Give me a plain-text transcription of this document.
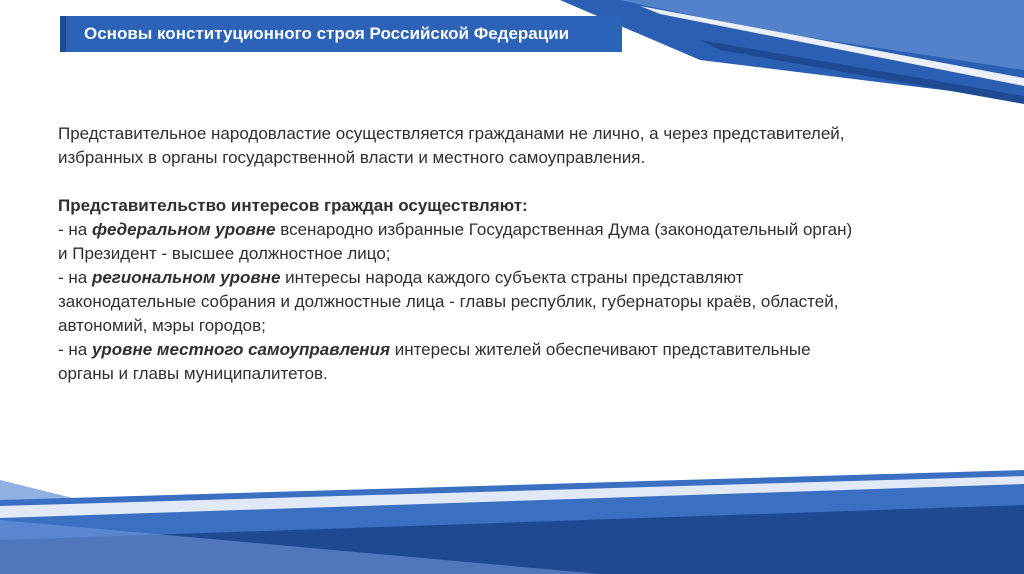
Основы конституционного строя Российской Федерации

Представительное народовластие осуществляется гражданами не лично, а через представителей,
избранных в органы государственной власти и местного самоуправления.

Представительство интересов граждан осуществляют:
- на федеральном уровне всенародно избранные Государственная Дума (законодательный орган)
и Президент - высшее должностное лицо;
- на региональном уровне интересы народа каждого субъекта страны представляют
законодательные собрания и должностные лица - главы республик, губернаторы краёв, областей,
автономий, мэры городов;
- на уровне местного самоуправления интересы жителей обеспечивают представительные
органы и главы муниципалитетов.
